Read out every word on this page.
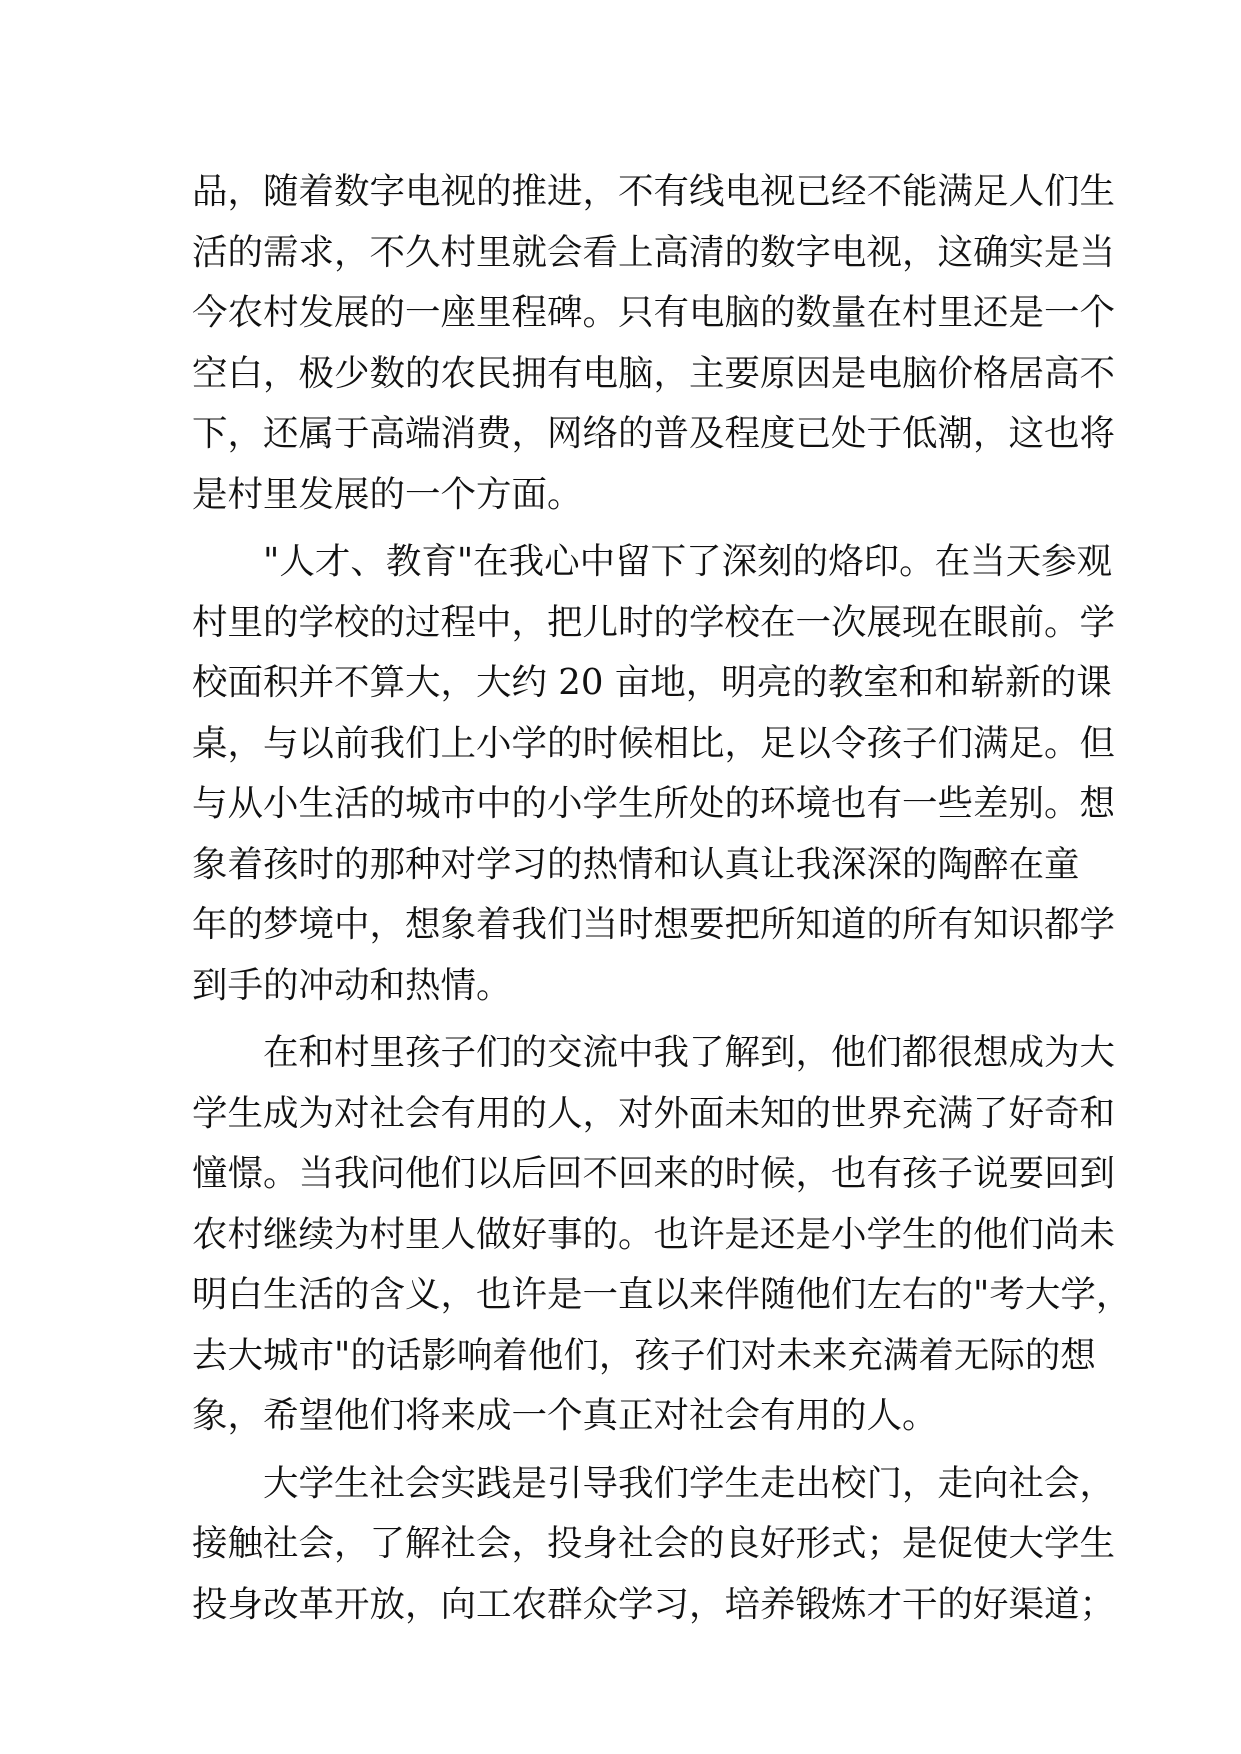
品，随着数字电视的推进，不有线电视已经不能满足人们生
活的需求，不久村里就会看上高清的数字电视，这确实是当
今农村发展的一座里程碑。只有电脑的数量在村里还是一个
空白，极少数的农民拥有电脑，主要原因是电脑价格居高不
下，还属于高端消费，网络的普及程度已处于低潮，这也将
是村里发展的一个方面。
　　"人才、教育"在我心中留下了深刻的烙印。在当天参观
村里的学校的过程中，把儿时的学校在一次展现在眼前。学
校面积并不算大，大约 20 亩地，明亮的教室和和崭新的课
桌，与以前我们上小学的时候相比，足以令孩子们满足。但
与从小生活的城市中的小学生所处的环境也有一些差别。想
象着孩时的那种对学习的热情和认真让我深深的陶醉在童
年的梦境中，想象着我们当时想要把所知道的所有知识都学
到手的冲动和热情。
　　在和村里孩子们的交流中我了解到，他们都很想成为大
学生成为对社会有用的人，对外面未知的世界充满了好奇和
憧憬。当我问他们以后回不回来的时候，也有孩子说要回到
农村继续为村里人做好事的。也许是还是小学生的他们尚未
明白生活的含义，也许是一直以来伴随他们左右的"考大学，
去大城市"的话影响着他们，孩子们对未来充满着无际的想
象，希望他们将来成一个真正对社会有用的人。
　　大学生社会实践是引导我们学生走出校门，走向社会，
接触社会，了解社会，投身社会的良好形式；是促使大学生
投身改革开放，向工农群众学习，培养锻炼才干的好渠道；
